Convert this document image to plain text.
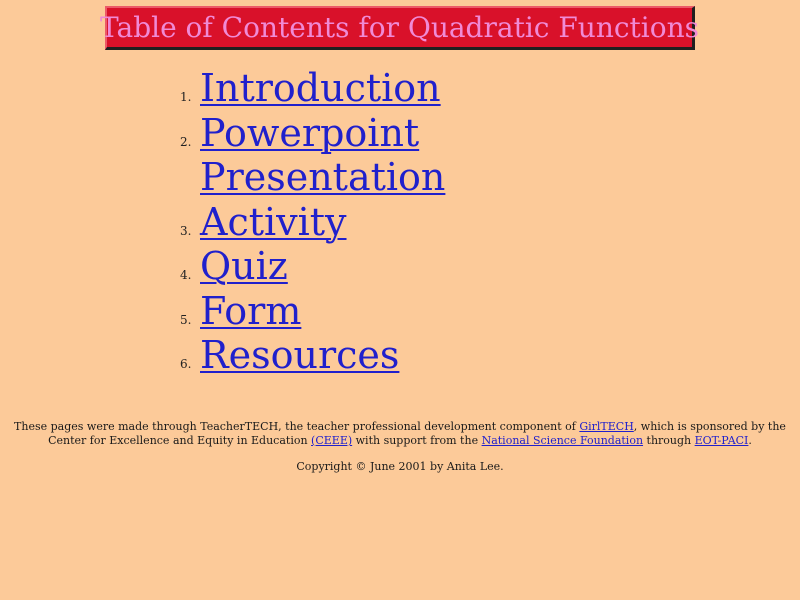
Table of Contents for Quadratic Functions
1. Introduction
2. Powerpoint Presentation
3. Activity
4. Quiz
5. Form
6. Resources

These pages were made through TeacherTECH, the teacher professional development component of GirlTECH, which is sponsored by the Center for Excellence and Equity in Education (CEEE) with support from the National Science Foundation through EOT-PACI.

Copyright © June 2001 by Anita Lee.
